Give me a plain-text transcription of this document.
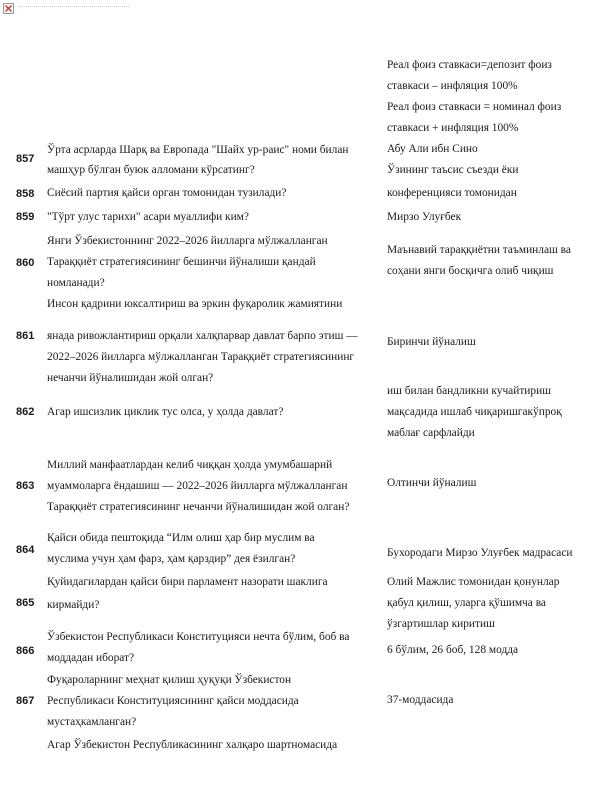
Реал фоиз ставкаси=депозит фоиз
ставкаси – инфляция 100%
Реал фоиз ставкаси = номинал фоиз
ставкаси + инфляция 100%
857
Ўрта асрларда Шарқ ва Европада "Шайх ур-раис" номи билан
машҳур бўлган буюк алломани кўрсатинг?
Абу Али ибн Сино
858 Сиёсий партия қайси орган томонидан тузилади?
Ўзининг таъсис съезди ёки
конференцияси томонидан
859 "Тўрт улус тарихи" асари муаллифи ким?	Мирзо Улуғбек
860
Янги Ўзбекистоннинг 2022–2026 йилларга мўлжалланган
Тараққиёт стратегиясининг бешинчи йўналиши қандай
номланади?
Маънавий тараққиётни таъминлаш ва
соҳани янги босқичга олиб чиқиш
861
Инсон қадрини юксалтириш ва эркин фуқаролик жамиятини
янада ривожлантириш орқали халқпарвар давлат барпо этиш —
2022–2026 йилларга мўлжалланган Тараққиёт стратегиясининг
нечанчи йўналишидан жой олган?
Биринчи йўналиш
862 Агар ишсизлик циклик тус олса, у ҳолда давлат?
иш билан бандликни кучайтириш
мақсадида ишлаб чиқаришгакўпроқ
маблағ сарфлайди
863
Миллий манфаатлардан келиб чиққан ҳолда умумбашарий
муаммоларга ёндашиш — 2022–2026 йилларга мўлжалланган
Тараққиёт стратегиясининг нечанчи йўналишидан жой олган?
Олтинчи йўналиш
864
Қайси обида пештоқида “Илм олиш ҳар бир муслим ва
муслима учун ҳам фарз, ҳам қарздир” дея ёзилган?	Бухородаги Мирзо Улуғбек мадрасаси
865
Қуйидагилардан қайси бири парламент назорати шаклига
кирмайди?
Олий Мажлис томонидан қонунлар
қабул қилиш, уларга қўшимча ва
ўзгартишлар киритиш
866
Ўзбекистон Республикаси Конституцияси нечта бўлим, боб ва
моддадан иборат?
6 бўлим, 26 боб, 128 модда
867
Фуқароларнинг меҳнат қилиш ҳуқуқи Ўзбекистон
Республикаси Конституциясининг қайси моддасида
мустаҳкамланган?
37-моддасида
Агар Ўзбекистон Республикасининг халқаро шартномасида
